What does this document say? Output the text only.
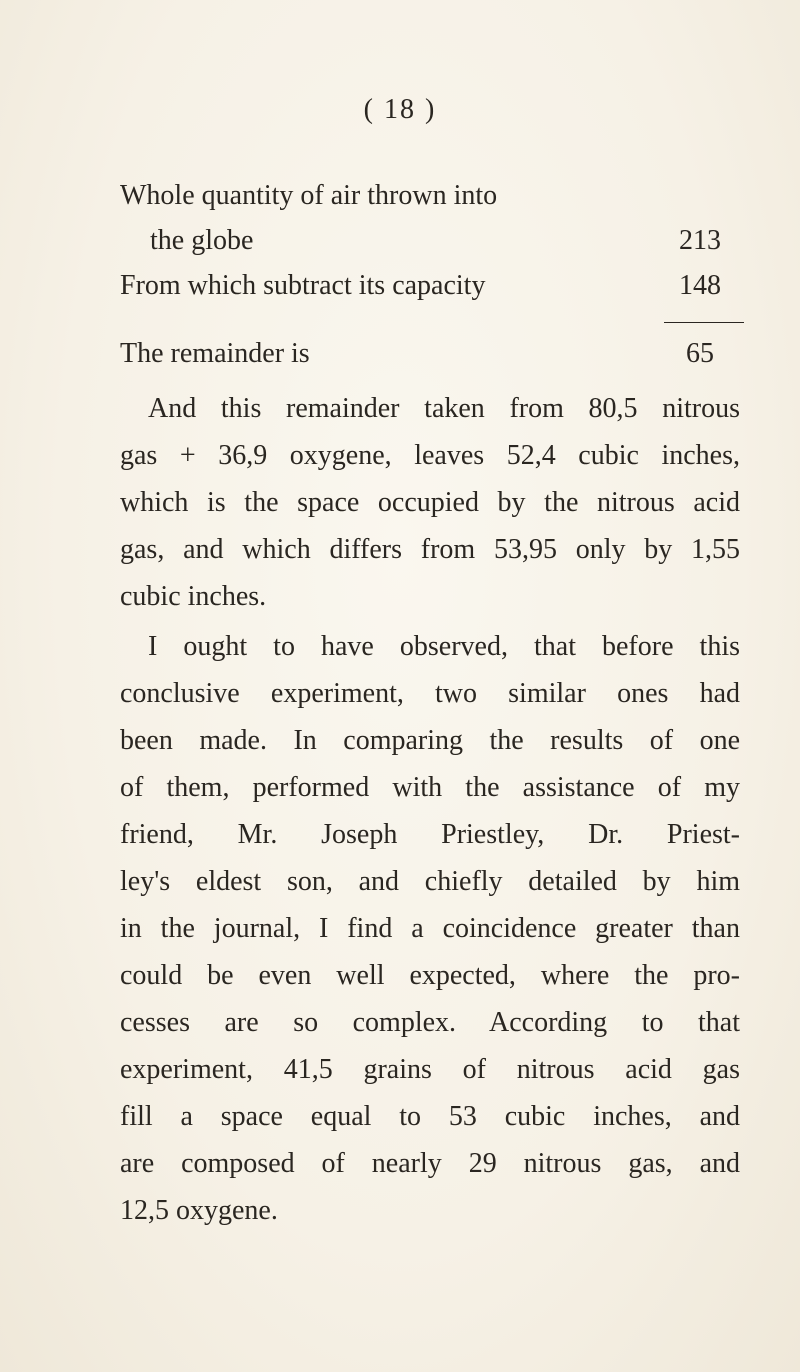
( 18 )
Whole quantity of air thrown into
the globe	213
From which subtract its capacity	148
The remainder is	65
And this remainder taken from 80,5 nitrous
gas + 36,9 oxygene, leaves 52,4 cubic inches,
which is the space occupied by the nitrous acid
gas, and which differs from 53,95 only by 1,55
cubic inches.
I ought to have observed, that before this
conclusive experiment, two similar ones had
been made. In comparing the results of one
of them, performed with the assistance of my
friend, Mr. Joseph Priestley, Dr. Priest-
ley's eldest son, and chiefly detailed by him
in the journal, I find a coincidence greater than
could be even well expected, where the pro-
cesses are so complex. According to that
experiment, 41,5 grains of nitrous acid gas
fill a space equal to 53 cubic inches, and
are composed of nearly 29 nitrous gas, and
12,5 oxygene.
